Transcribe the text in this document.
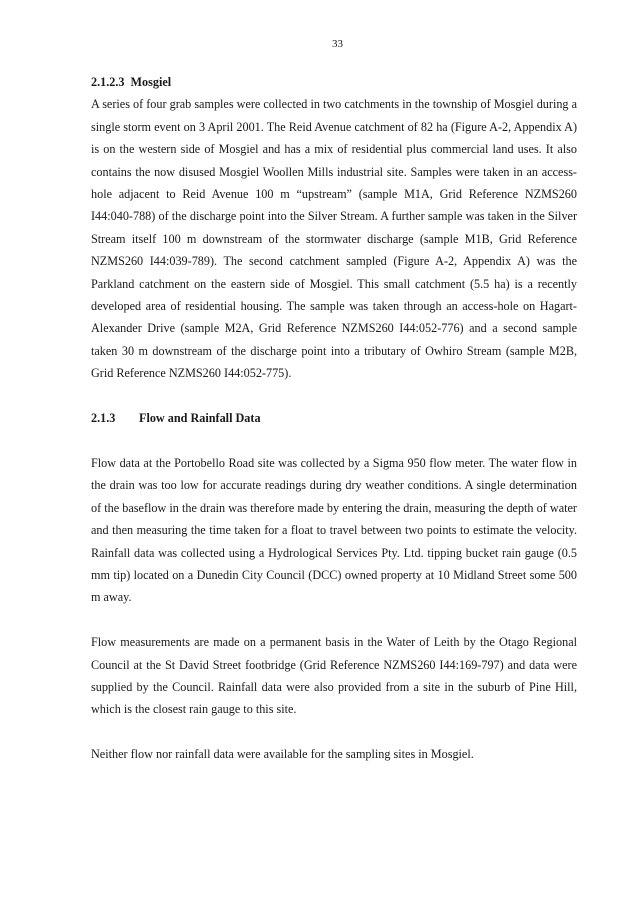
33
2.1.2.3 Mosgiel

A series of four grab samples were collected in two catchments in the township of Mosgiel during a single storm event on 3 April 2001. The Reid Avenue catchment of 82 ha (Figure A-2, Appendix A) is on the western side of Mosgiel and has a mix of residential plus commercial land uses. It also contains the now disused Mosgiel Woollen Mills industrial site. Samples were taken in an access-hole adjacent to Reid Avenue 100 m “upstream” (sample M1A, Grid Reference NZMS260 I44:040-788) of the discharge point into the Silver Stream. A further sample was taken in the Silver Stream itself 100 m downstream of the stormwater discharge (sample M1B, Grid Reference NZMS260 I44:039-789). The second catchment sampled (Figure A-2, Appendix A) was the Parkland catchment on the eastern side of Mosgiel. This small catchment (5.5 ha) is a recently developed area of residential housing. The sample was taken through an access-hole on Hagart-Alexander Drive (sample M2A, Grid Reference NZMS260 I44:052-776) and a second sample taken 30 m downstream of the discharge point into a tributary of Owhiro Stream (sample M2B, Grid Reference NZMS260 I44:052-775).

2.1.3 Flow and Rainfall Data

Flow data at the Portobello Road site was collected by a Sigma 950 flow meter. The water flow in the drain was too low for accurate readings during dry weather conditions. A single determination of the baseflow in the drain was therefore made by entering the drain, measuring the depth of water and then measuring the time taken for a float to travel between two points to estimate the velocity. Rainfall data was collected using a Hydrological Services Pty. Ltd. tipping bucket rain gauge (0.5 mm tip) located on a Dunedin City Council (DCC) owned property at 10 Midland Street some 500 m away.

Flow measurements are made on a permanent basis in the Water of Leith by the Otago Regional Council at the St David Street footbridge (Grid Reference NZMS260 I44:169-797) and data were supplied by the Council. Rainfall data were also provided from a site in the suburb of Pine Hill, which is the closest rain gauge to this site.

Neither flow nor rainfall data were available for the sampling sites in Mosgiel.
